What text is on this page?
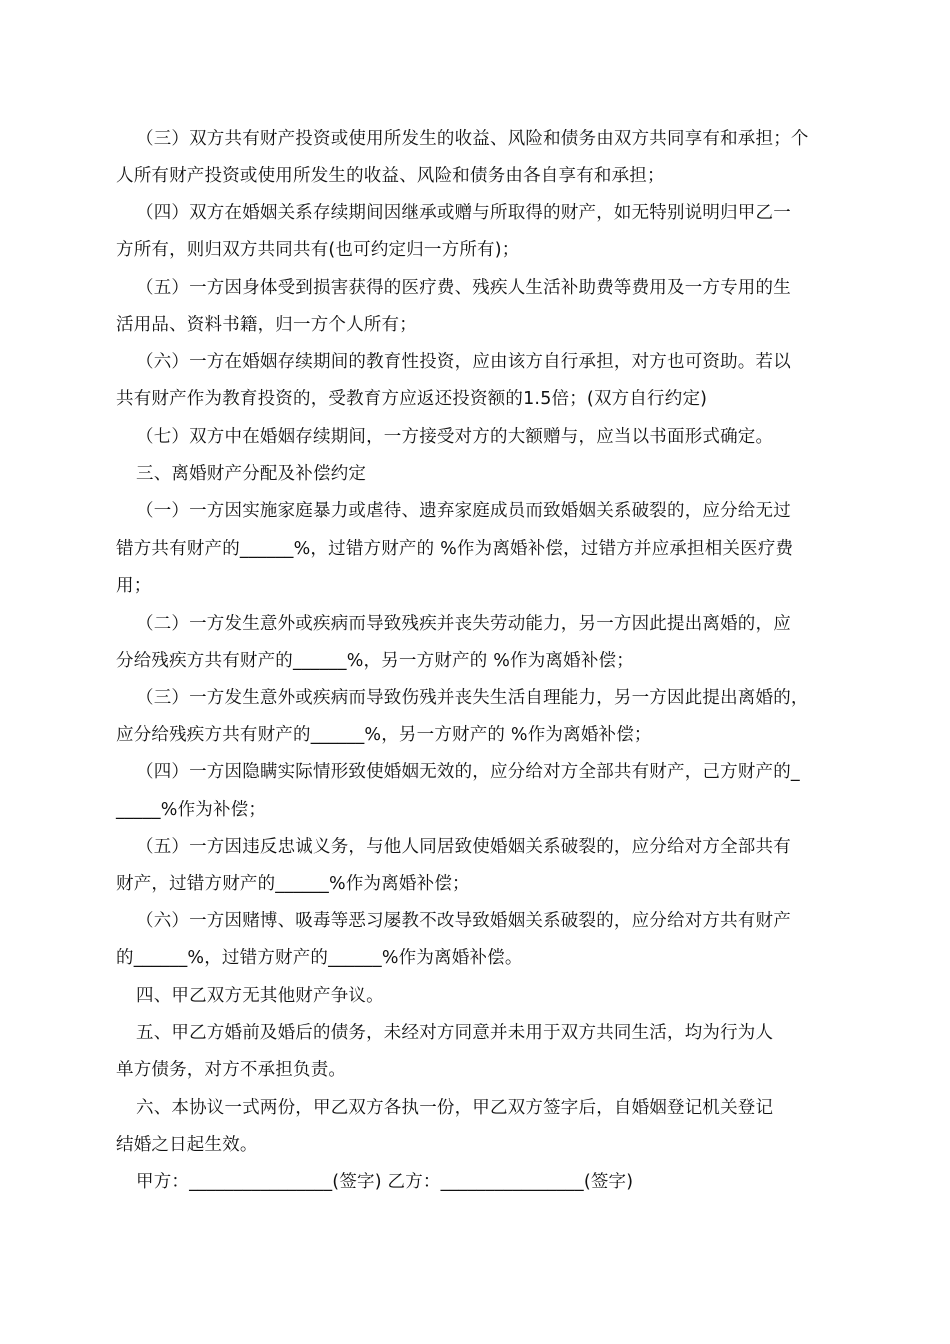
（三）双方共有财产投资或使用所发生的收益、风险和债务由双方共同享有和承担；个
人所有财产投资或使用所发生的收益、风险和债务由各自享有和承担；
（四）双方在婚姻关系存续期间因继承或赠与所取得的财产，如无特别说明归甲乙一
方所有，则归双方共同共有(也可约定归一方所有)；
（五）一方因身体受到损害获得的医疗费、残疾人生活补助费等费用及一方专用的生
活用品、资料书籍，归一方个人所有；
（六）一方在婚姻存续期间的教育性投资，应由该方自行承担，对方也可资助。若以
共有财产作为教育投资的，受教育方应返还投资额的1.5倍；(双方自行约定)
（七）双方中在婚姻存续期间，一方接受对方的大额赠与，应当以书面形式确定。
三、离婚财产分配及补偿约定
（一）一方因实施家庭暴力或虐待、遗弃家庭成员而致婚姻关系破裂的，应分给无过
错方共有财产的______%，过错方财产的 %作为离婚补偿，过错方并应承担相关医疗费
用；
（二）一方发生意外或疾病而导致残疾并丧失劳动能力，另一方因此提出离婚的，应
分给残疾方共有财产的______%，另一方财产的 %作为离婚补偿；
（三）一方发生意外或疾病而导致伤残并丧失生活自理能力，另一方因此提出离婚的，
应分给残疾方共有财产的______%，另一方财产的 %作为离婚补偿；
（四）一方因隐瞒实际情形致使婚姻无效的，应分给对方全部共有财产，己方财产的_
_____%作为补偿；
（五）一方因违反忠诚义务，与他人同居致使婚姻关系破裂的，应分给对方全部共有
财产，过错方财产的______%作为离婚补偿；
（六）一方因赌博、吸毒等恶习屡教不改导致婚姻关系破裂的，应分给对方共有财产
的______%，过错方财产的______%作为离婚补偿。
四、甲乙双方无其他财产争议。
五、甲乙方婚前及婚后的债务，未经对方同意并未用于双方共同生活，均为行为人
单方债务，对方不承担负责。
六、本协议一式两份，甲乙双方各执一份，甲乙双方签字后，自婚姻登记机关登记
结婚之日起生效。
甲方：________________(签字) 乙方：________________(签字)
